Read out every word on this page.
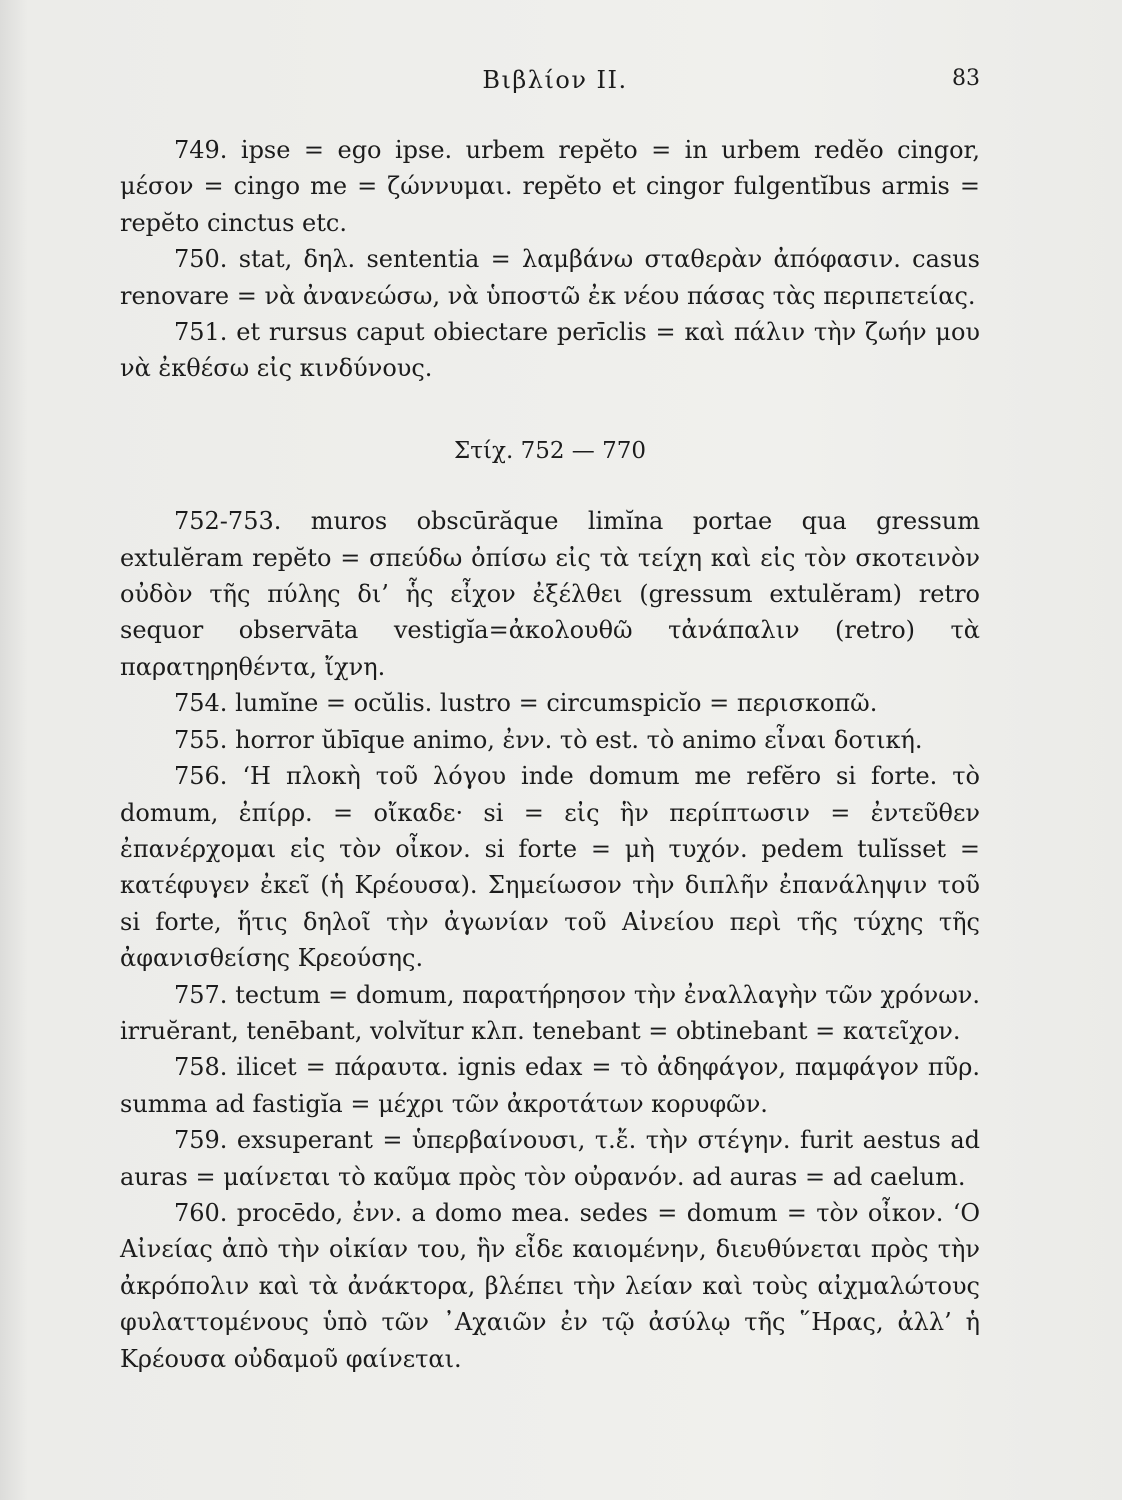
Βιβλίον II.	83

749. ipse = ego ipse. urbem repĕto = in urbem redĕo cingor, μέσον = cingo me = ζώννυμαι. repĕto et cingor fulgentĭbus armis = repĕto cinctus etc.

750. stat, δηλ. sententia = λαμβάνω σταθερὰν ἀπόφασιν. casus renovare = νὰ ἀνανεώσω, νὰ ὑποστῶ ἐκ νέου πάσας τὰς περιπετείας.

751. et rursus caput obiectare perīclis = καὶ πάλιν τὴν ζωήν μου νὰ ἐκθέσω εἰς κινδύνους.

Στίχ. 752 — 770

752-753. muros obscūrăque limĭna portae qua gressum extulĕram repĕto = σπεύδω ὀπίσω εἰς τὰ τείχη καὶ εἰς τὸν σκοτεινὸν οὐδὸν τῆς πύλης δι’ ἧς εἶχον ἐξέλθει (gressum extulĕram) retro sequor observāta vestigĭa=ἀκολουθῶ τἀνάπαλιν (retro) τὰ παρατηρηθέντα, ἴχνη.

754. lumĭne = ocŭlis. lustro = circumspicĭo = περισκοπῶ.

755. horror ŭbīque animo, ἐνν. τὸ est. τὸ animo εἶναι δοτική.

756. ‘Η πλοκὴ τοῦ λόγου inde domum me refĕro si forte. τὸ domum, ἐπίρρ. = οἴκαδε· si = εἰς ἣν περίπτωσιν = ἐντεῦθεν ἐπανέρχομαι εἰς τὸν οἶκον. si forte = μὴ τυχόν. pedem tulĭsset = κατέφυγεν ἐκεῖ (ἡ Κρέουσα). Σημείωσον τὴν διπλῆν ἐπανάληψιν τοῦ si forte, ἥτις δηλοῖ τὴν ἀγωνίαν τοῦ Αἰνείου περὶ τῆς τύχης τῆς ἀφανισθείσης Κρεούσης.

757. tectum = domum, παρατήρησον τὴν ἐναλλαγὴν τῶν χρόνων. irruĕrant, tenēbant, volvĭtur κλπ. tenebant = obtinebant = κατεῖχον.

758. ilicet = πάραυτα. ignis edax = τὸ ἀδηφάγον, παμφάγον πῦρ. summa ad fastigĭa = μέχρι τῶν ἀκροτάτων κορυφῶν.

759. exsuperant = ὑπερβαίνουσι, τ.ἔ. τὴν στέγην. furit aestus ad auras = μαίνεται τὸ καῦμα πρὸς τὸν οὐρανόν. ad auras = ad caelum.

760. procēdo, ἐνν. a domo mea. sedes = domum = τὸν οἶκον. ‘Ο Αἰνείας ἀπὸ τὴν οἰκίαν του, ἣν εἶδε καιομένην, διευθύνεται πρὸς τὴν ἀκρόπολιν καὶ τὰ ἀνάκτορα, βλέπει τὴν λείαν καὶ τοὺς αἰχμαλώτους φυλαττομένους ὑπὸ τῶν ᾿Αχαιῶν ἐν τῷ ἀσύλῳ τῆς ῞Ηρας, ἀλλ’ ἡ Κρέουσα οὐδαμοῦ φαίνεται.
